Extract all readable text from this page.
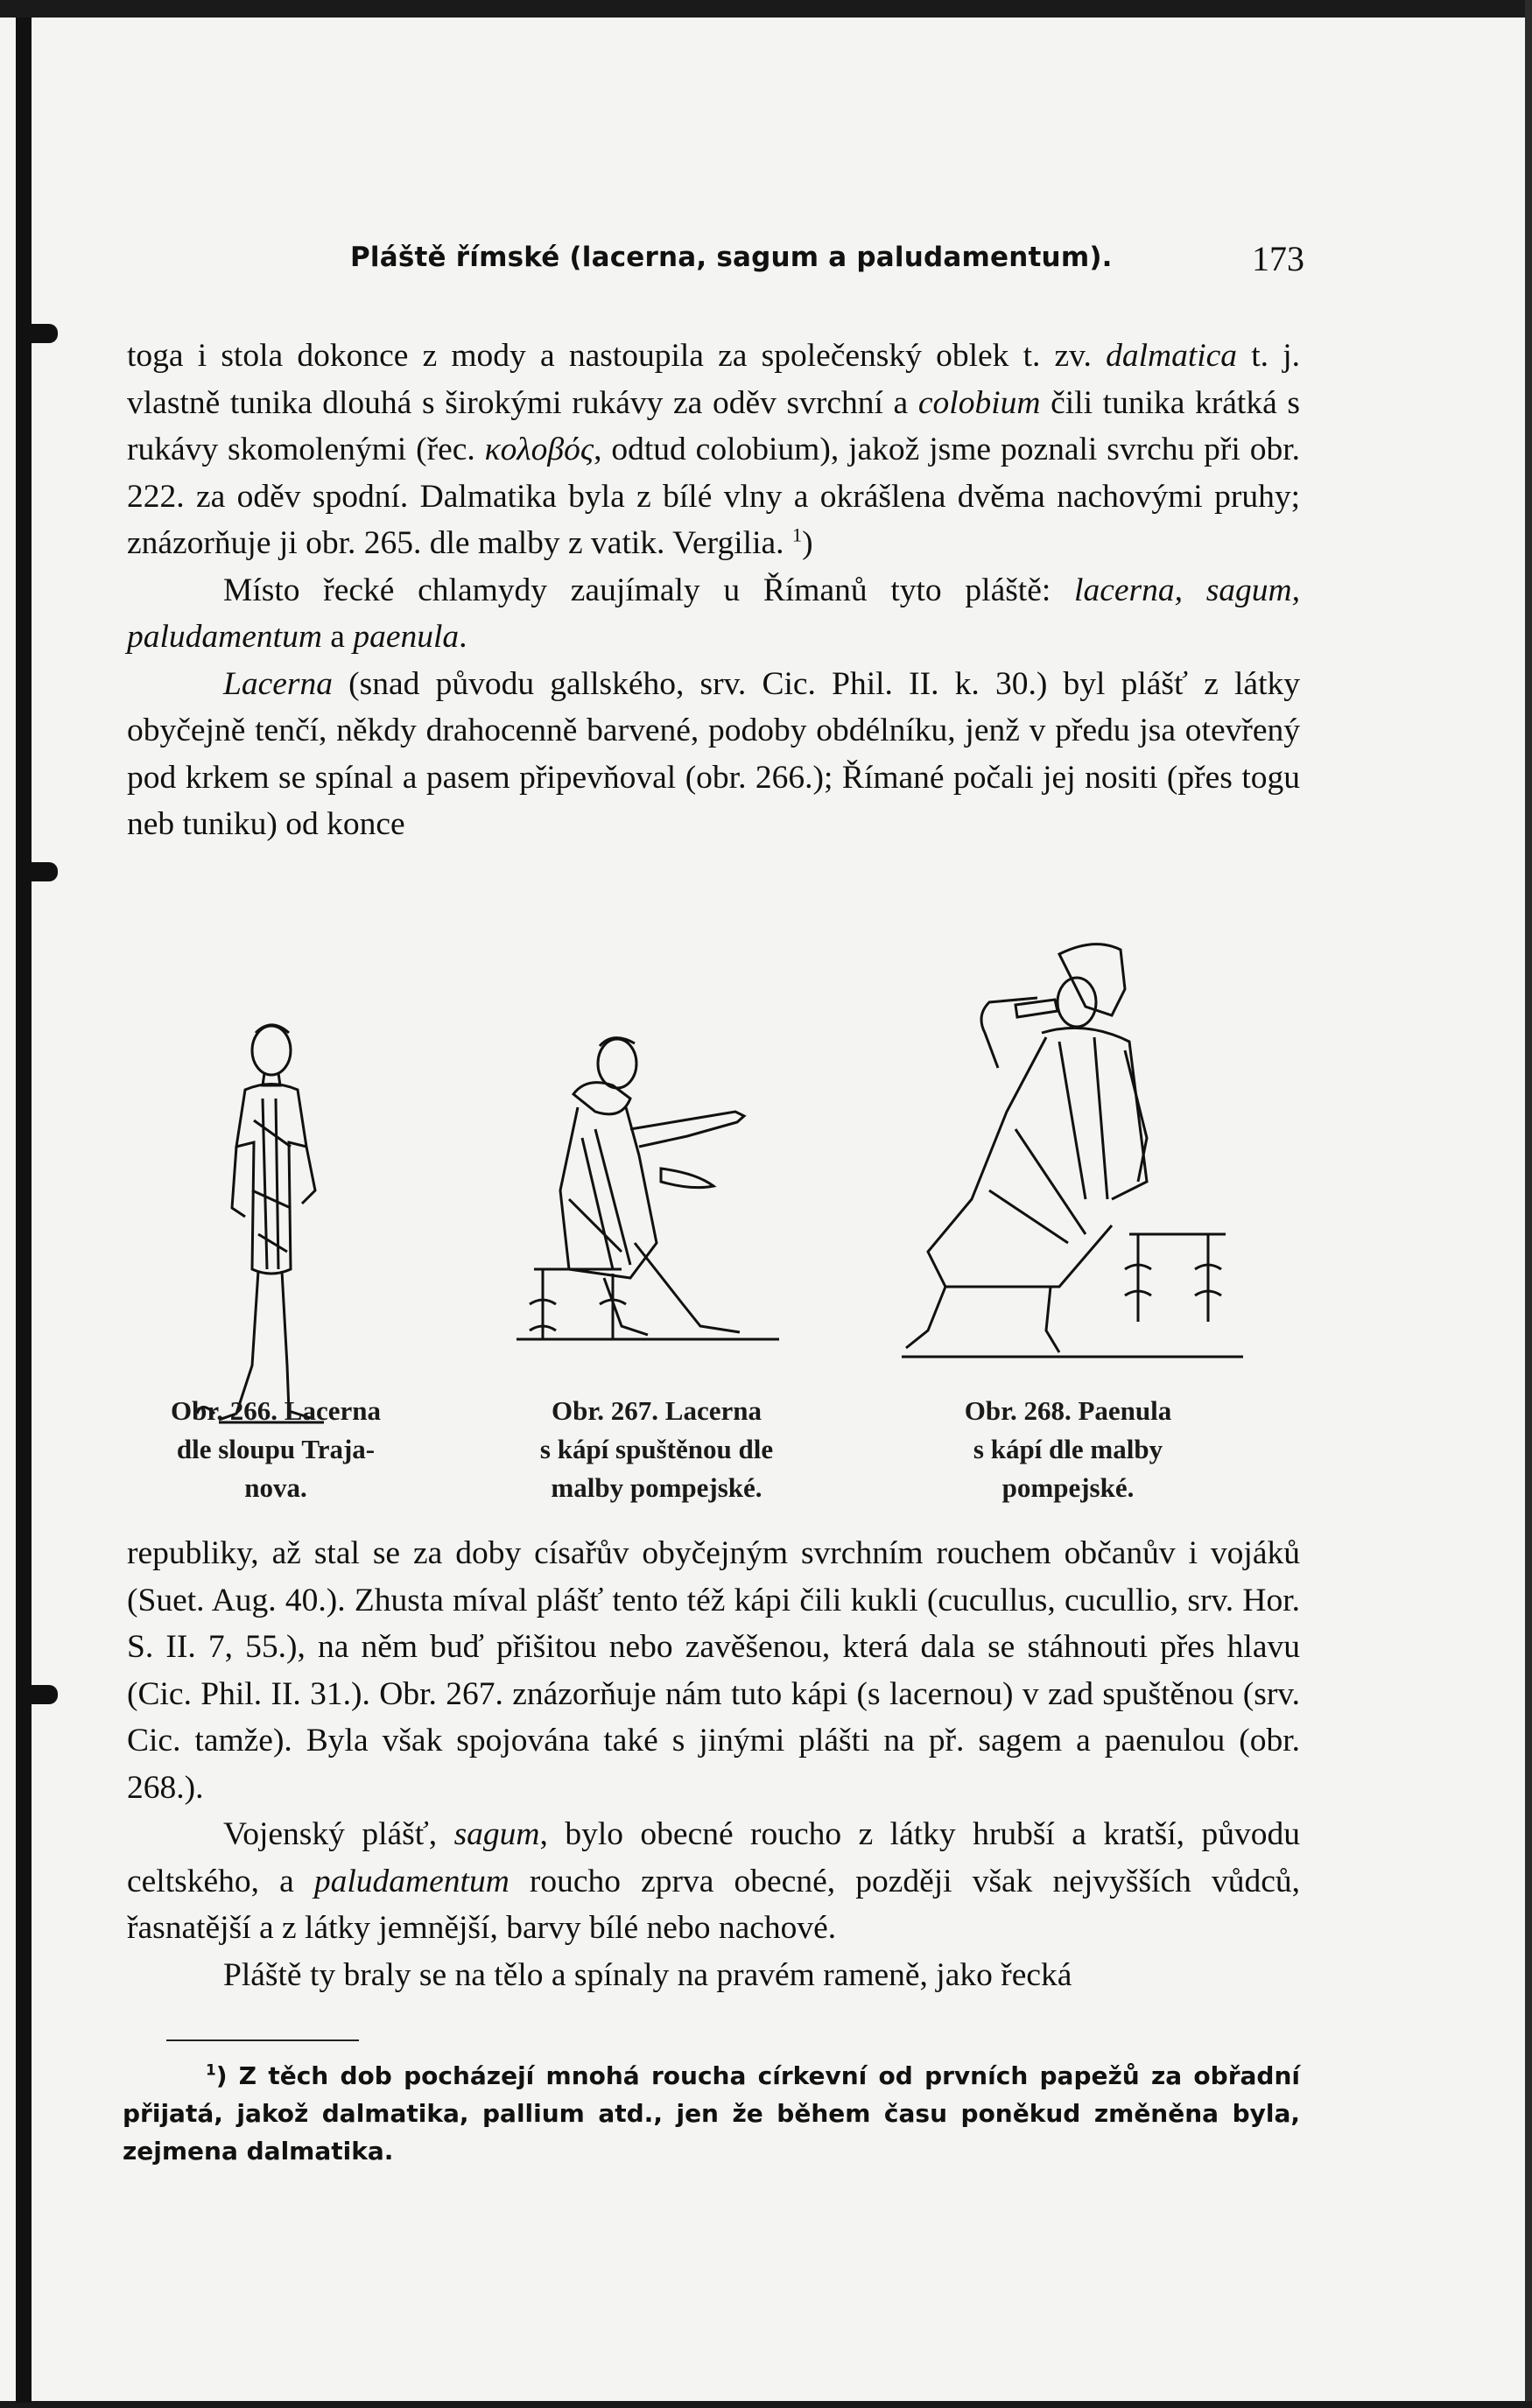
Pláště římské (lacerna, sagum a paludamentum).	173

toga i stola dokonce z mody a nastoupila za společenský oblek t. zv. dalmatica t. j. vlastně tunika dlouhá s širokými rukávy za oděv svrchní a colobium čili tunika krátká s rukávy skomolenými (řec. κολοβός, odtud colobium), jakož jsme poznali svrchu při obr. 222. za oděv spodní. Dalmatika byla z bílé vlny a okrášlena dvěma nachovými pruhy; znázorňuje ji obr. 265. dle malby z vatik. Vergilia. $^1$)

Místo řecké chlamydy zaujímaly u Římanů tyto pláště: lacerna, sagum, paludamentum a paenula.

Lacerna (snad původu gallského, srv. Cic. Phil. II. k. 30.) byl plášť z látky obyčejně tenčí, někdy drahocenně barvené, podoby obdélníku, jenž v předu jsa otevřený pod krkem se spínal a pasem připevňoval (obr. 266.); Římané počali jej nositi (přes togu neb tuniku) od konce

Obr. 266. Lacerna
dle sloupu Traja-
nova.
Obr. 267. Lacerna
s kápí spuštěnou dle
malby pompejské.
Obr. 268. Paenula
s kápí dle malby
pompejské.

republiky, až stal se za doby císařův obyčejným svrchním rouchem občanův i vojáků (Suet. Aug. 40.). Zhusta míval plášť tento též kápi čili kukli (cucullus, cucullio, srv. Hor. S. II. 7, 55.), na něm buď přišitou nebo zavěšenou, která dala se stáhnouti přes hlavu (Cic. Phil. II. 31.). Obr. 267. znázorňuje nám tuto kápi (s lacernou) v zad spuštěnou (srv. Cic. tamže). Byla však spojována také s jinými plášti na př. sagem a paenulou (obr. 268.).

Vojenský plášť, sagum, bylo obecné roucho z látky hrubší a kratší, původu celtského, a paludamentum roucho zprva obecné, později však nejvyšších vůdců, řasnatější a z látky jemnější, barvy bílé nebo nachové.

Pláště ty braly se na tělo a spínaly na pravém rameně, jako řecká

$^1$) Z těch dob pocházejí mnohá roucha církevní od prvních papežů za obřadní přijatá, jakož dalmatika, pallium atd., jen že během času poněkud změněna byla, zejmena dalmatika.
